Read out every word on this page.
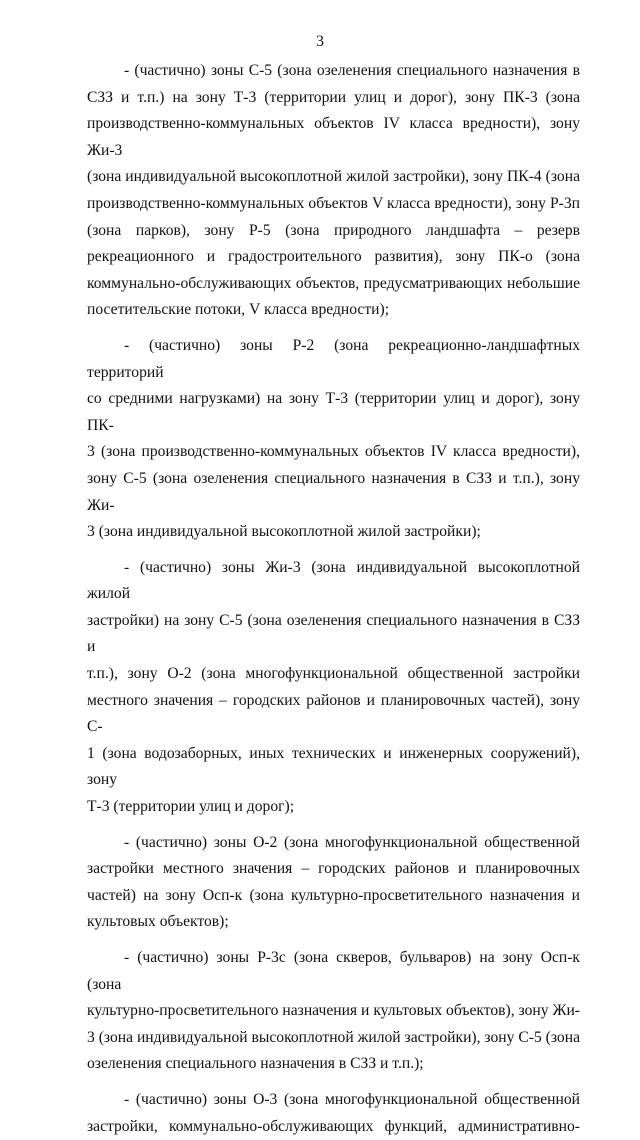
3
- (частично) зоны С-5 (зона озеленения специального назначения в
СЗЗ и т.п.) на зону Т-3 (территории улиц и дорог), зону ПК-3 (зона
производственно-коммунальных объектов IV класса вредности), зону Жи-3
(зона индивидуальной высокоплотной жилой застройки), зону ПК-4 (зона
производственно-коммунальных объектов V класса вредности), зону Р-3п
(зона парков), зону Р-5 (зона природного ландшафта – резерв
рекреационного и градостроительного развития), зону ПК-о (зона
коммунально-обслуживающих объектов, предусматривающих небольшие
посетительские потоки, V класса вредности);
- (частично) зоны Р-2 (зона рекреационно-ландшафтных территорий
со средними нагрузками) на зону Т-3 (территории улиц и дорог), зону ПК-
3 (зона производственно-коммунальных объектов IV класса вредности),
зону С-5 (зона озеленения специального назначения в СЗЗ и т.п.), зону Жи-
3 (зона индивидуальной высокоплотной жилой застройки);
- (частично) зоны Жи-3 (зона индивидуальной высокоплотной жилой
застройки) на зону С-5 (зона озеленения специального назначения в СЗЗ и
т.п.), зону О-2 (зона многофункциональной общественной застройки
местного значения – городских районов и планировочных частей), зону С-
1 (зона водозаборных, иных технических и инженерных сооружений), зону
Т-3 (территории улиц и дорог);
- (частично) зоны О-2 (зона многофункциональной общественной
застройки местного значения – городских районов и планировочных
частей) на зону Осп-к (зона культурно-просветительного назначения и
культовых объектов);
- (частично) зоны Р-3с (зона скверов, бульваров) на зону Осп-к (зона
культурно-просветительного назначения и культовых объектов), зону Жи-
3 (зона индивидуальной высокоплотной жилой застройки), зону С-5 (зона
озеленения специального назначения в СЗЗ и т.п.);
- (частично) зоны О-3 (зона многофункциональной общественной
застройки, коммунально-обслуживающих функций, административно-
